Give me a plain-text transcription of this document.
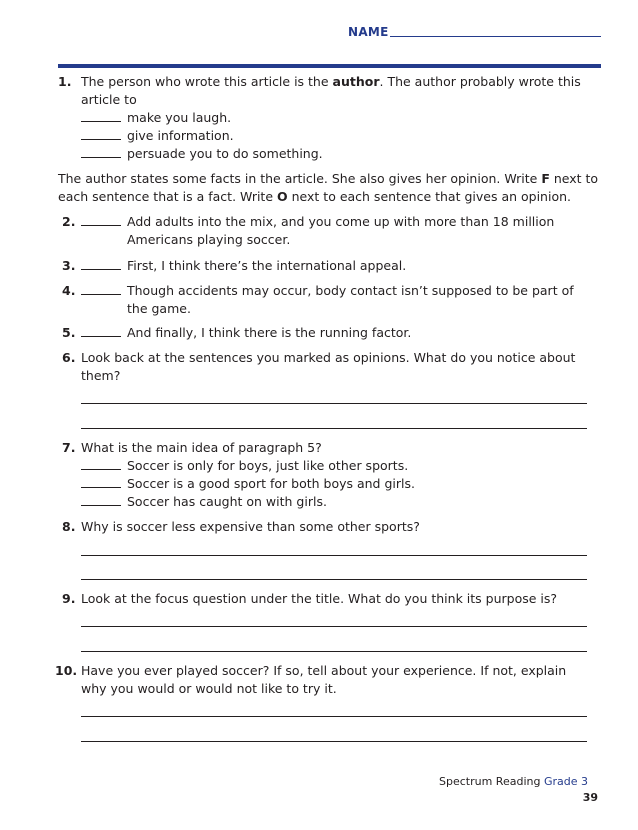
NAME
1. The person who wrote this article is the author. The author probably wrote this
article to
make you laugh.
give information.
persuade you to do something.
The author states some facts in the article. She also gives her opinion. Write F next to
each sentence that is a fact. Write O next to each sentence that gives an opinion.
2.	Add adults into the mix, and you come up with more than 18 million
Americans playing soccer.
3.	First, I think there’s the international appeal.
4.	Though accidents may occur, body contact isn’t supposed to be part of
the game.
5.	And finally, I think there is the running factor.
6. Look back at the sentences you marked as opinions. What do you notice about
them?
7. What is the main idea of paragraph 5?
Soccer is only for boys, just like other sports.
Soccer is a good sport for both boys and girls.
Soccer has caught on with girls.
8. Why is soccer less expensive than some other sports?
9. Look at the focus question under the title. What do you think its purpose is?
10. Have you ever played soccer? If so, tell about your experience. If not, explain
why you would or would not like to try it.
Spectrum Reading Grade 3
39
